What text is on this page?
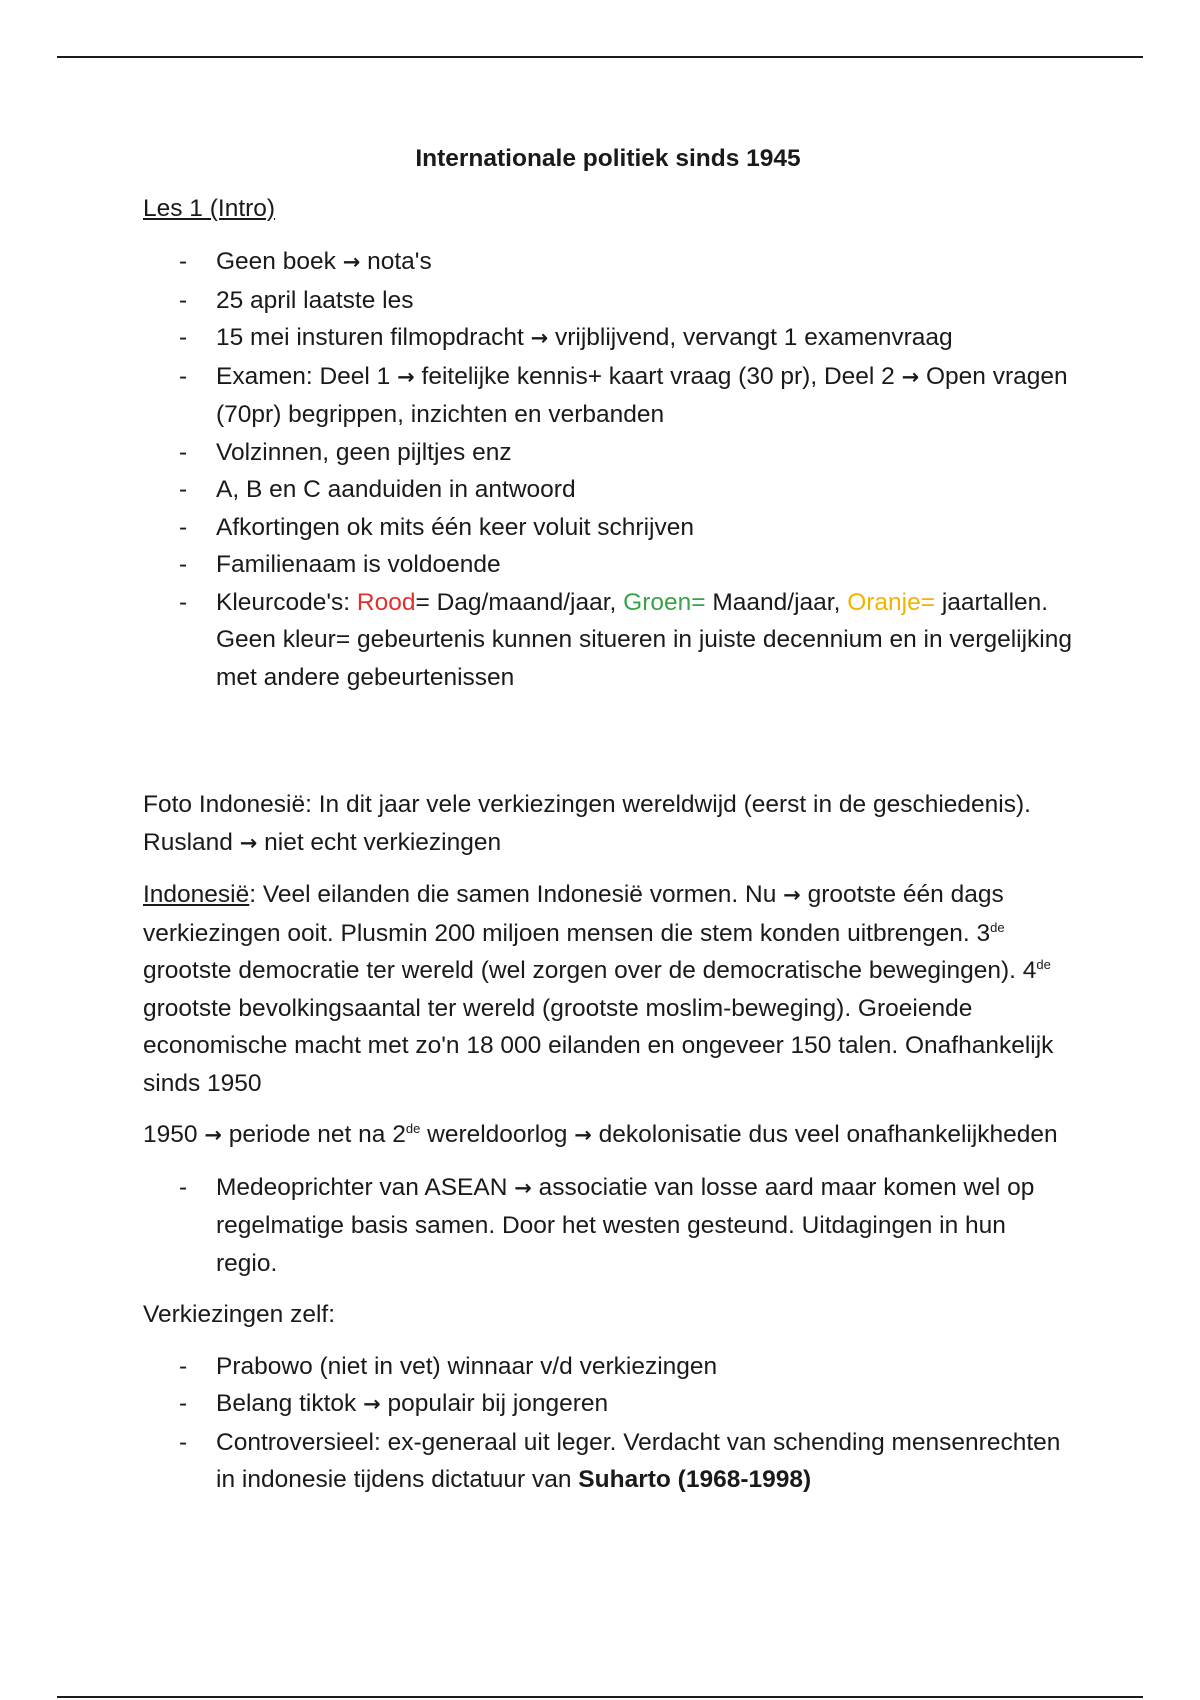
Internationale politiek sinds 1945
Les 1 (Intro)
- Geen boek → nota's
- 25 april laatste les
- 15 mei insturen filmopdracht → vrijblijvend, vervangt 1 examenvraag
- Examen: Deel 1 → feitelijke kennis+ kaart vraag (30 pr), Deel 2 → Open vragen (70pr) begrippen, inzichten en verbanden
- Volzinnen, geen pijltjes enz
- A, B en C aanduiden in antwoord
- Afkortingen ok mits één keer voluit schrijven
- Familienaam is voldoende
- Kleurcode's: Rood= Dag/maand/jaar, Groen= Maand/jaar, Oranje= jaartallen. Geen kleur= gebeurtenis kunnen situeren in juiste decennium en in vergelijking met andere gebeurtenissen

Foto Indonesië: In dit jaar vele verkiezingen wereldwijd (eerst in de geschiedenis). Rusland → niet echt verkiezingen

Indonesië: Veel eilanden die samen Indonesië vormen. Nu → grootste één dags verkiezingen ooit. Plusmin 200 miljoen mensen die stem konden uitbrengen. 3de grootste democratie ter wereld (wel zorgen over de democratische bewegingen). 4de grootste bevolkingsaantal ter wereld (grootste moslim-beweging). Groeiende economische macht met zo'n 18 000 eilanden en ongeveer 150 talen. Onafhankelijk sinds 1950

1950 → periode net na 2de wereldoorlog → dekolonisatie dus veel onafhankelijkheden

- Medeoprichter van ASEAN → associatie van losse aard maar komen wel op regelmatige basis samen. Door het westen gesteund. Uitdagingen in hun regio.

Verkiezingen zelf:

- Prabowo (niet in vet) winnaar v/d verkiezingen
- Belang tiktok → populair bij jongeren
- Controversieel: ex-generaal uit leger. Verdacht van schending mensenrechten in indonesie tijdens dictatuur van Suharto (1968-1998)
